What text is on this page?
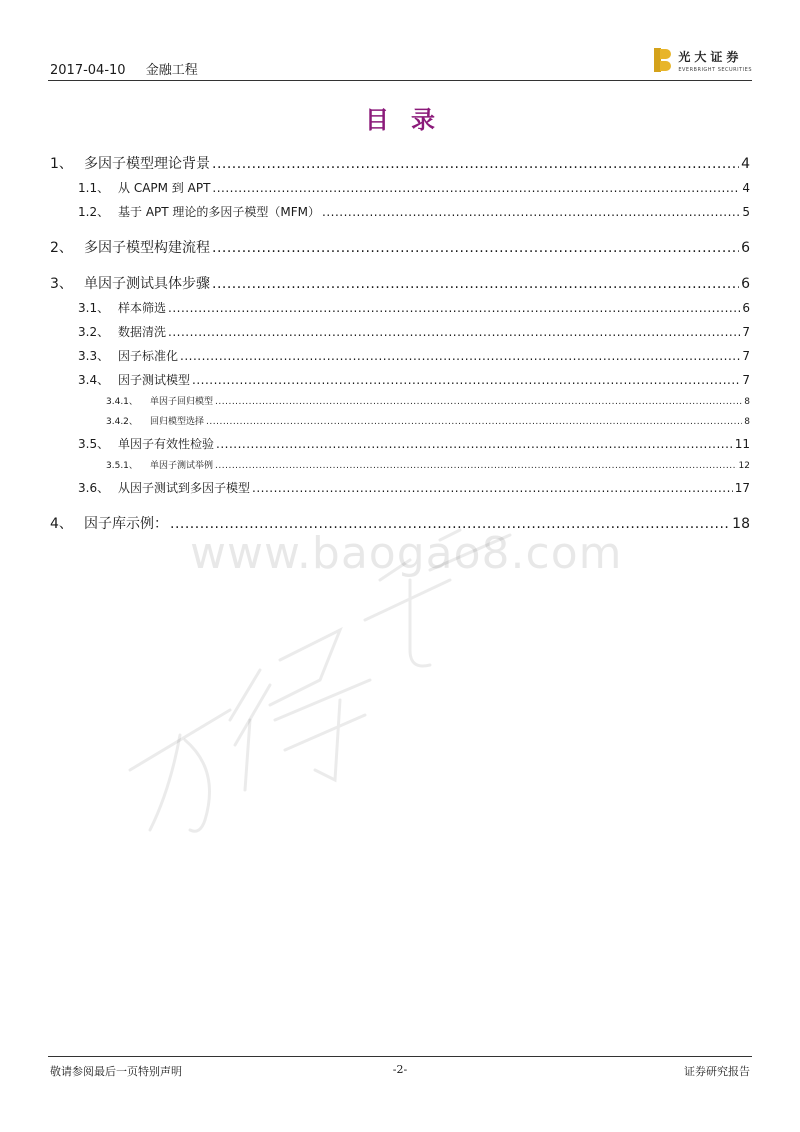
2017-04-10 金融工程
光大证券
EVERBRIGHT SECURITIES
目录
www.baogao8.com
1、 多因子模型理论背景 .....	4
1.1、 从 CAPM 到 APT .....	4
1.2、 基于 APT 理论的多因子模型（MFM） .....	5
2、 多因子模型构建流程 .....	6
3、 单因子测试具体步骤 .....	6
3.1、 样本筛选 .....	6
3.2、 数据清洗 .....	7
3.3、 因子标准化 .....	7
3.4、 因子测试模型 .....	7
3.4.1、	单因子回归模型 .....	8
3.4.2、	回归模型选择 .....	8
3.5、 单因子有效性检验 .....	11
3.5.1、	单因子测试举例 .....	12
3.6、 从因子测试到多因子模型 .....	17
4、 因子库示例： .....	18
敬请参阅最后一页特别声明	-2-	证券研究报告
